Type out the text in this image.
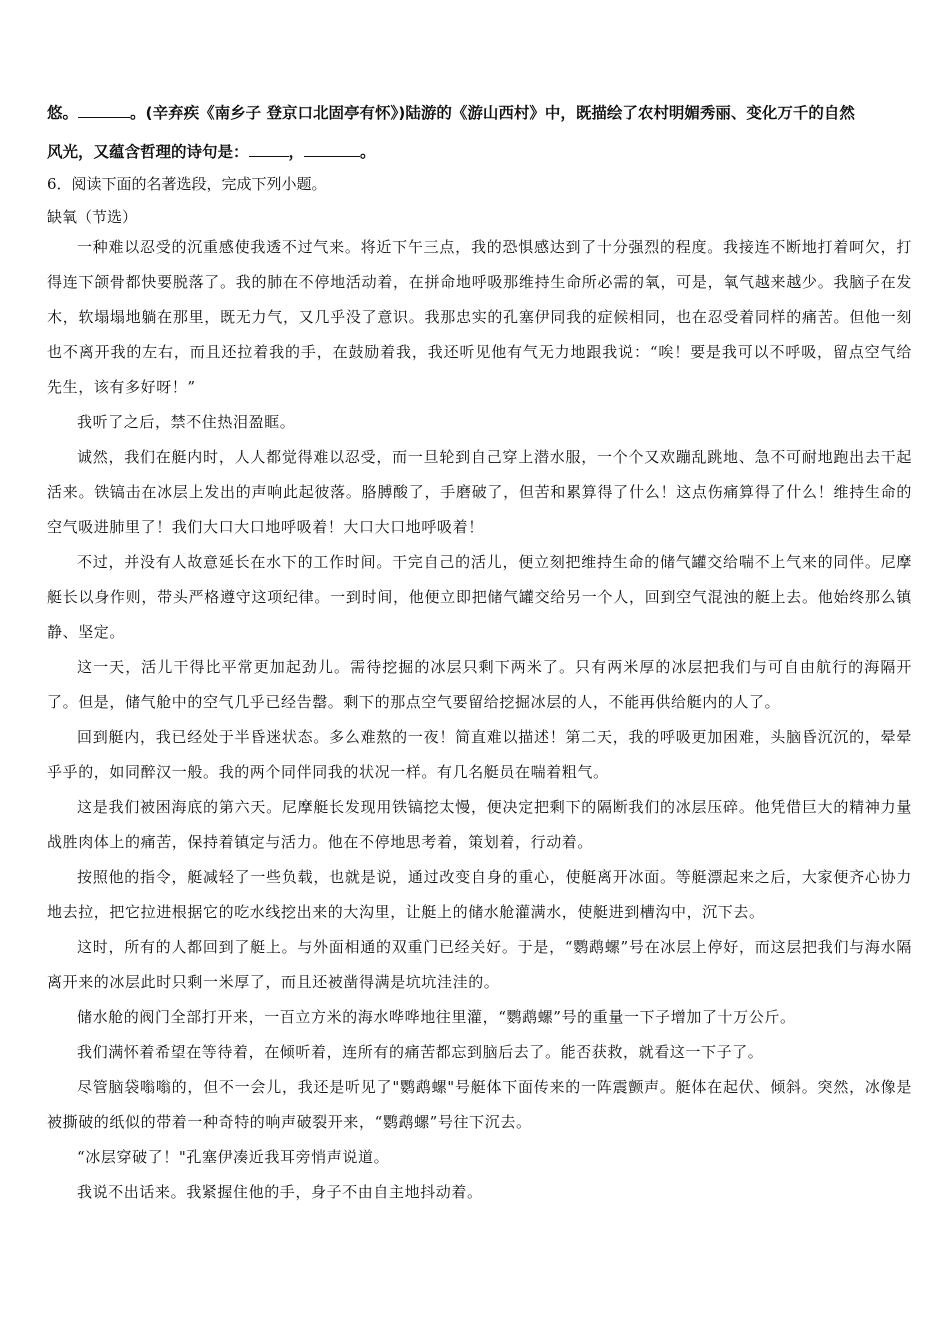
悠。	。(辛弃疾《南乡子 登京口北固亭有怀》)陆游的《游山西村》中，既描绘了农村明媚秀丽、变化万千的自然
风光，又蕴含哲理的诗句是：	，	。
6．阅读下面的名著选段，完成下列小题。
缺氧（节选）

一种难以忍受的沉重感使我透不过气来。将近下午三点，我的恐惧感达到了十分强烈的程度。我接连不断地打着呵欠，打得连下颌骨都快要脱落了。我的肺在不停地活动着，在拼命地呼吸那维持生命所必需的氧，可是，氧气越来越少。我脑子在发木，软塌塌地躺在那里，既无力气，又几乎没了意识。我那忠实的孔塞伊同我的症候相同，也在忍受着同样的痛苦。但他一刻也不离开我的左右，而且还拉着我的手，在鼓励着我，我还听见他有气无力地跟我说：“唉！要是我可以不呼吸，留点空气给先生，该有多好呀！”

我听了之后，禁不住热泪盈眶。

诚然，我们在艇内时，人人都觉得难以忍受，而一旦轮到自己穿上潜水服，一个个又欢蹦乱跳地、急不可耐地跑出去干起活来。铁镐击在冰层上发出的声响此起彼落。胳膊酸了，手磨破了，但苦和累算得了什么！这点伤痛算得了什么！维持生命的空气吸进肺里了！我们大口大口地呼吸着！大口大口地呼吸着！

不过，并没有人故意延长在水下的工作时间。干完自己的活儿，便立刻把维持生命的储气罐交给喘不上气来的同伴。尼摩艇长以身作则，带头严格遵守这项纪律。一到时间，他便立即把储气罐交给另一个人，回到空气混浊的艇上去。他始终那么镇静、坚定。

这一天，活儿干得比平常更加起劲儿。需待挖掘的冰层只剩下两米了。只有两米厚的冰层把我们与可自由航行的海隔开了。但是，储气舱中的空气几乎已经告罄。剩下的那点空气要留给挖掘冰层的人，不能再供给艇内的人了。

回到艇内，我已经处于半昏迷状态。多么难熬的一夜！简直难以描述！第二天，我的呼吸更加困难，头脑昏沉沉的，晕晕乎乎的，如同醉汉一般。我的两个同伴同我的状况一样。有几名艇员在喘着粗气。

这是我们被困海底的第六天。尼摩艇长发现用铁镐挖太慢，便决定把剩下的隔断我们的冰层压碎。他凭借巨大的精神力量战胜肉体上的痛苦，保持着镇定与活力。他在不停地思考着，策划着，行动着。

按照他的指令，艇减轻了一些负载，也就是说，通过改变自身的重心，使艇离开冰面。等艇漂起来之后，大家便齐心协力地去拉，把它拉进根据它的吃水线挖出来的大沟里，让艇上的储水舱灌满水，使艇进到槽沟中，沉下去。

这时，所有的人都回到了艇上。与外面相通的双重门已经关好。于是，“鹦鹉螺”号在冰层上停好，而这层把我们与海水隔离开来的冰层此时只剩一米厚了，而且还被凿得满是坑坑洼洼的。

储水舱的阀门全部打开来，一百立方米的海水哗哗地往里灌，“鹦鹉螺”号的重量一下子增加了十万公斤。

我们满怀着希望在等待着，在倾听着，连所有的痛苦都忘到脑后去了。能否获救，就看这一下子了。

尽管脑袋嗡嗡的，但不一会儿，我还是听见了"鹦鹉螺"号艇体下面传来的一阵震颤声。艇体在起伏、倾斜。突然，冰像是被撕破的纸似的带着一种奇特的响声破裂开来，“鹦鹉螺”号往下沉去。

“冰层穿破了！"孔塞伊凑近我耳旁悄声说道。

我说不出话来。我紧握住他的手，身子不由自主地抖动着。
